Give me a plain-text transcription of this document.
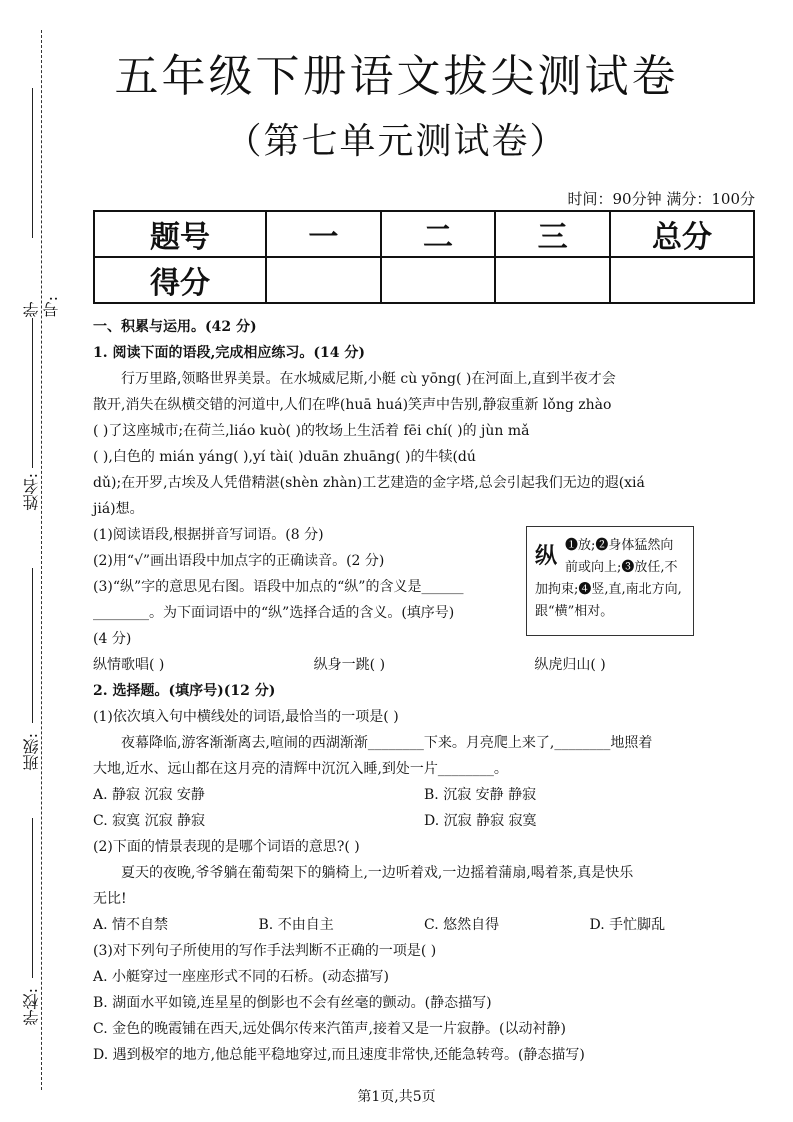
学号:
姓名:
班级:
学校:
五年级下册语文拔尖测试卷
（第七单元测试卷）
时间：90分钟 满分：100分
题号	一	二	三	总分
得分				

一、积累与运用。(42 分)

1. 阅读下面的语段,完成相应练习。(14 分)

行万里路,领略世界美景。在水城威尼斯,小艇 cù yōng( )在河面上,直到半夜才会

散开,消失在纵横交错的河道中,人们在哗(huā huá)笑声中告别,静寂重新 lǒng zhào

( )了这座城市;在荷兰,liáo kuò( )的牧场上生活着 fēi chí( )的 jùn mǎ

( ),白色的 mián yáng( ),yí tài( )duān zhuāng( )的牛犊(dú

dǔ);在开罗,古埃及人凭借精湛(shèn zhàn)工艺建造的金字塔,总会引起我们无边的遐(xiá

jiá)想。

(1)阅读语段,根据拼音写词语。(8 分)

(2)用“√”画出语段中加点字的正确读音。(2 分)

(3)“纵”字的意思见右图。语段中加点的“纵”的含义是______

________。为下面词语中的“纵”选择合适的含义。(填序号)

(4 分)

纵情歌唱( )	纵身一跳( )	纵虎归山( )

2. 选择题。(填序号)(12 分)

(1)依次填入句中横线处的词语,最恰当的一项是( )

夜幕降临,游客渐渐离去,喧闹的西湖渐渐________下来。月亮爬上来了,________地照着

大地,近水、远山都在这月亮的清辉中沉沉入睡,到处一片________。

A. 静寂 沉寂 安静	B. 沉寂 安静 静寂

C. 寂寞 沉寂 静寂	D. 沉寂 静寂 寂寞

(2)下面的情景表现的是哪个词语的意思?( )

夏天的夜晚,爷爷躺在葡萄架下的躺椅上,一边听着戏,一边摇着蒲扇,喝着茶,真是快乐

无比!

A. 情不自禁	B. 不由自主	C. 悠然自得	D. 手忙脚乱

(3)对下列句子所使用的写作手法判断不正确的一项是( )

A. 小艇穿过一座座形式不同的石桥。(动态描写)

B. 湖面水平如镜,连星星的倒影也不会有丝毫的颤动。(静态描写)

C. 金色的晚霞铺在西天,远处偶尔传来汽笛声,接着又是一片寂静。(以动衬静)

D. 遇到极窄的地方,他总能平稳地穿过,而且速度非常快,还能急转弯。(静态描写)

纵 ❶放;❷身体猛然向前或向上;❸放任,不加拘束;❹竖,直,南北方向,跟“横”相对。
第1页,共5页
